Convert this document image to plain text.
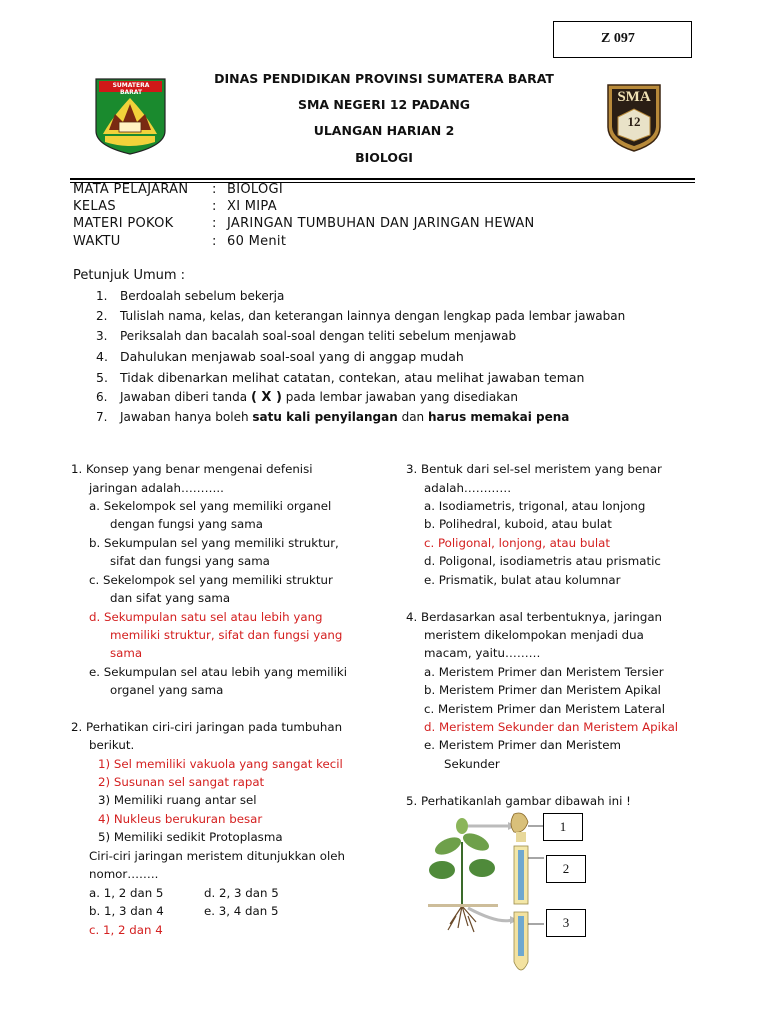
Z 097
SUMATERA BARAT	SMA
12
DINAS PENDIDIKAN PROVINSI SUMATERA BARAT
SMA NEGERI 12 PADANG
ULANGAN HARIAN 2
BIOLOGI
MATA PELAJARAN : BIOLOGI
KELAS	: XI MIPA
MATERI POKOK	: JARINGAN TUMBUHAN DAN JARINGAN HEWAN
WAKTU	: 60 Menit
Petunjuk Umum :
1. Berdoalah sebelum bekerja
2. Tulislah nama, kelas, dan keterangan lainnya dengan lengkap pada lembar jawaban
3. Periksalah dan bacalah soal-soal dengan teliti sebelum menjawab
4. Dahulukan menjawab soal-soal yang di anggap mudah
5. Tidak dibenarkan melihat catatan, contekan, atau melihat jawaban teman
6. Jawaban diberi tanda ( X ) pada lembar jawaban yang disediakan
7. Jawaban hanya boleh satu kali penyilangan dan harus memakai pena
1. Konsep yang benar mengenai defenisi
jaringan adalah………..
a. Sekelompok sel yang memiliki organel
dengan fungsi yang sama
b. Sekumpulan sel yang memiliki struktur,
sifat dan fungsi yang sama
c. Sekelompok sel yang memiliki struktur
dan sifat yang sama
d. Sekumpulan satu sel atau lebih yang
memiliki struktur, sifat dan fungsi yang
sama
e. Sekumpulan sel atau lebih yang memiliki
organel yang sama
2. Perhatikan ciri-ciri jaringan pada tumbuhan
berikut.
1) Sel memiliki vakuola yang sangat kecil
2) Susunan sel sangat rapat
3) Memiliki ruang antar sel
4) Nukleus berukuran besar
5) Memiliki sedikit Protoplasma
Ciri-ciri jaringan meristem ditunjukkan oleh
nomor……..
a. 1, 2 dan 5	d. 2, 3 dan 5
b. 1, 3 dan 4	e. 3, 4 dan 5
c. 1, 2 dan 4
3. Bentuk dari sel-sel meristem yang benar
adalah…………
a. Isodiametris, trigonal, atau lonjong
b. Polihedral, kuboid, atau bulat
c. Poligonal, lonjong, atau bulat
d. Poligonal, isodiametris atau prismatic
e. Prismatik, bulat atau kolumnar
4. Berdasarkan asal terbentuknya, jaringan
meristem dikelompokan menjadi dua
macam, yaitu………
a. Meristem Primer dan Meristem Tersier
b. Meristem Primer dan Meristem Apikal
c. Meristem Primer dan Meristem Lateral
d. Meristem Sekunder dan Meristem Apikal
e. Meristem Primer dan Meristem
Sekunder
5. Perhatikanlah gambar dibawah ini !
1
2
3
